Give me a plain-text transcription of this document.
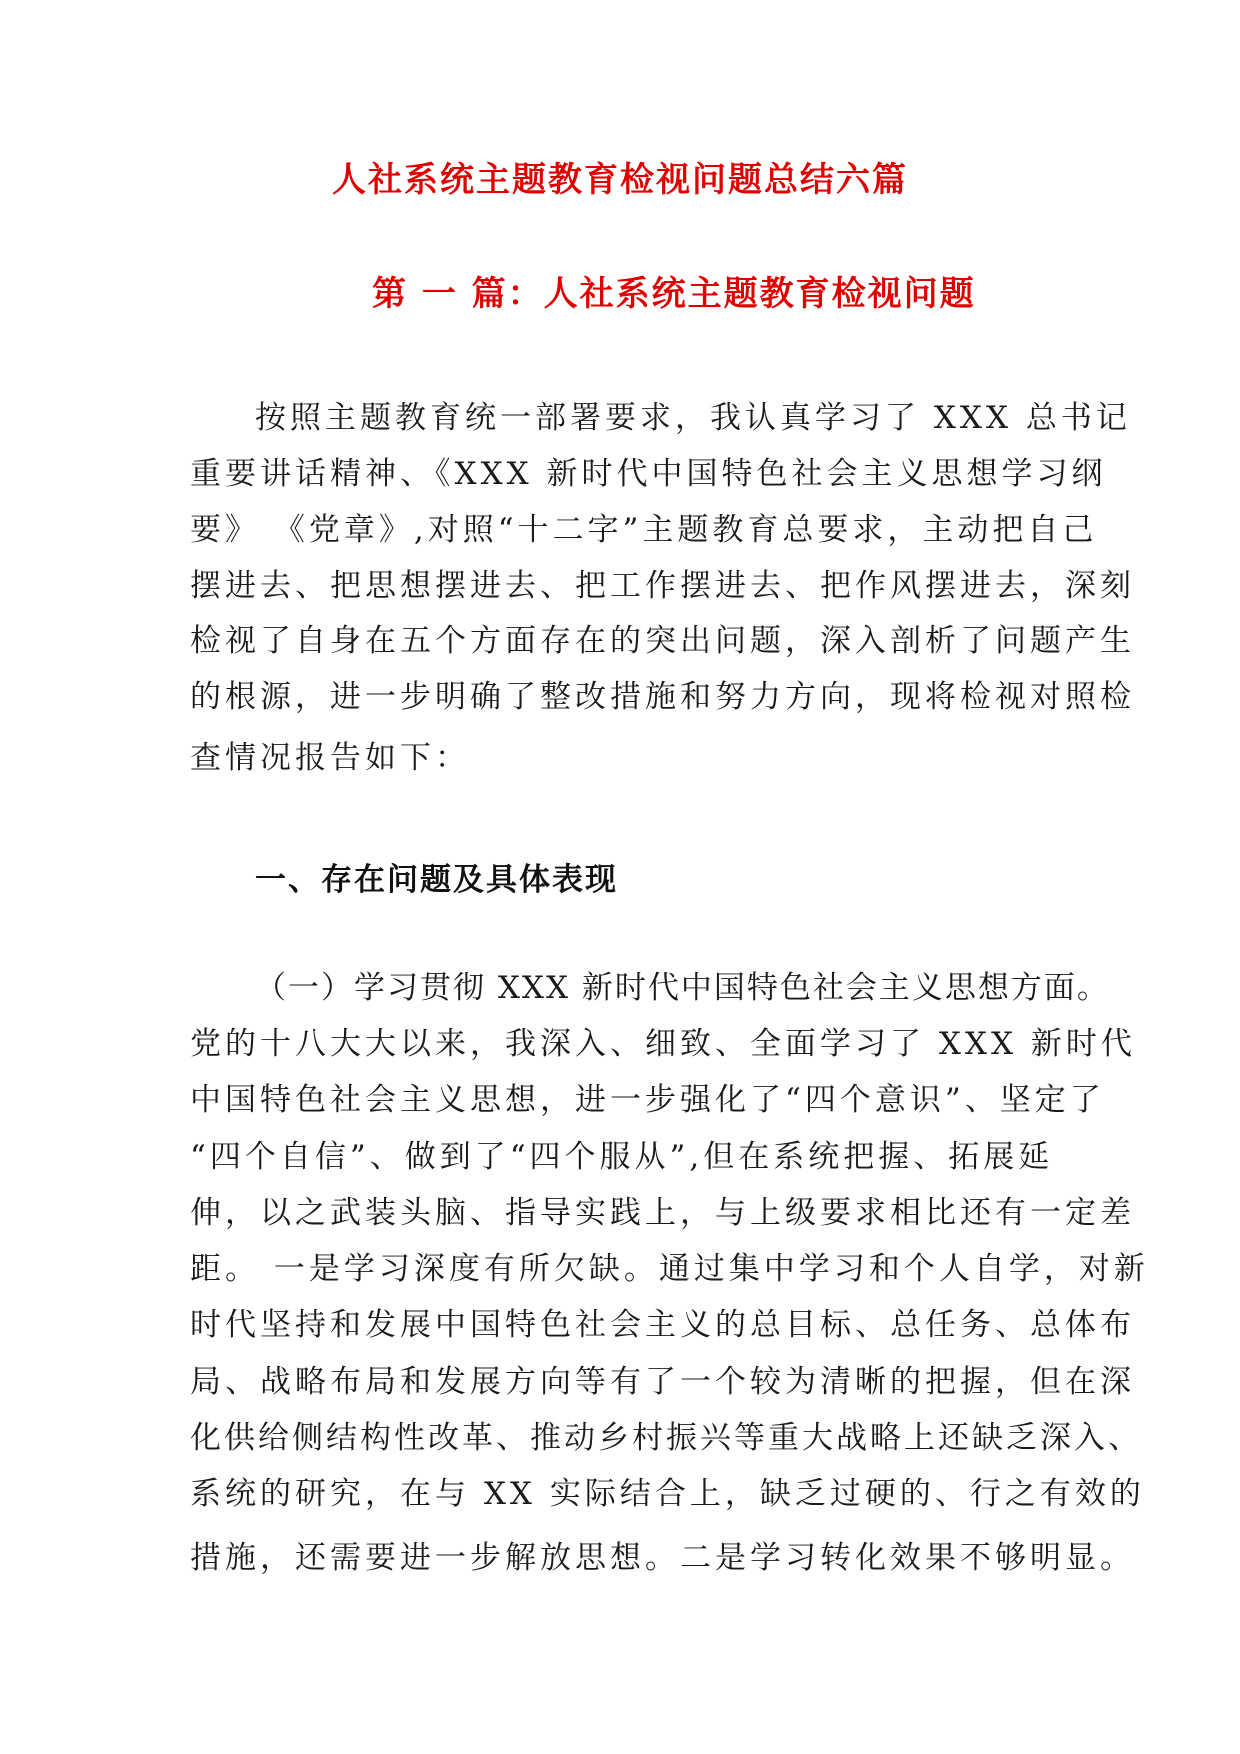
人社系统主题教育检视问题总结六篇
第 一 篇：人社系统主题教育检视问题
按照主题教育统一部署要求，我认真学习了 XXX 总书记
重要讲话精神、《XXX 新时代中国特色社会主义思想学习纲
要》 《党章》,对照“十二字”主题教育总要求，主动把自己
摆进去、把思想摆进去、把工作摆进去、把作风摆进去，深刻
检视了自身在五个方面存在的突出问题，深入剖析了问题产生
的根源，进一步明确了整改措施和努力方向，现将检视对照检
查情况报告如下：
一、存在问题及具体表现
（一）学习贯彻 XXX 新时代中国特色社会主义思想方面。
党的十八大大以来，我深入、细致、全面学习了 XXX 新时代
中国特色社会主义思想，进一步强化了“四个意识”、坚定了
“四个自信”、做到了“四个服从”,但在系统把握、拓展延
伸，以之武装头脑、指导实践上，与上级要求相比还有一定差
距。 一是学习深度有所欠缺。通过集中学习和个人自学，对新
时代坚持和发展中国特色社会主义的总目标、总任务、总体布
局、战略布局和发展方向等有了一个较为清晰的把握，但在深
化供给侧结构性改革、推动乡村振兴等重大战略上还缺乏深入、
系统的研究，在与 XX 实际结合上，缺乏过硬的、行之有效的
措施，还需要进一步解放思想。二是学习转化效果不够明显。
